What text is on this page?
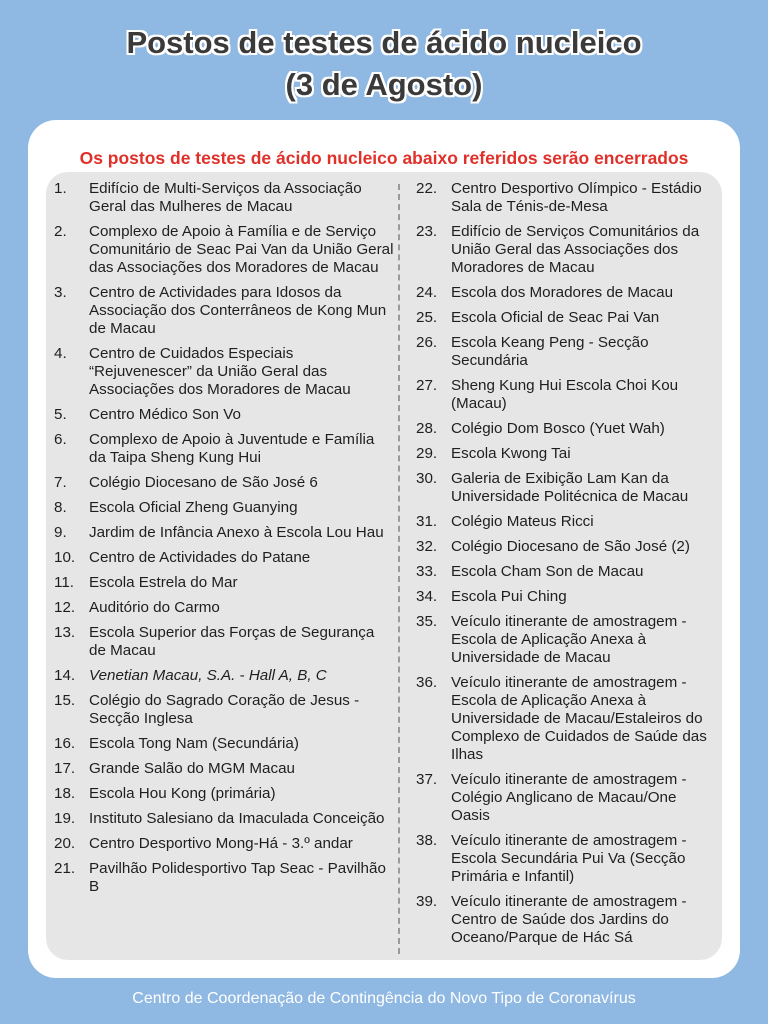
Postos de testes de ácido nucleico
(3 de Agosto)
Os postos de testes de ácido nucleico abaixo referidos serão encerrados
1.	Edifício de Multi-Serviços da Associação Geral das Mulheres de Macau
2.	Complexo de Apoio à Família e de Serviço Comunitário de Seac Pai Van da União Geral das Associações dos Moradores de Macau
3.	Centro de Actividades para Idosos da Associação dos Conterrâneos de Kong Mun de Macau
4.	Centro de Cuidados Especiais “Rejuvenescer” da União Geral das Associações dos Moradores de Macau
5.	Centro Médico Son Vo
6.	Complexo de Apoio à Juventude e Família da Taipa Sheng Kung Hui
7.	Colégio Diocesano de São José 6
8.	Escola Oficial Zheng Guanying
9.	Jardim de Infância Anexo à Escola Lou Hau
10. Centro de Actividades do Patane
11. Escola Estrela do Mar
12. Auditório do Carmo
13. Escola Superior das Forças de Segurança de Macau
14. Venetian Macau, S.A. - Hall A, B, C
15. Colégio do Sagrado Coração de Jesus - Secção Inglesa
16. Escola Tong Nam (Secundária)
17. Grande Salão do MGM Macau
18. Escola Hou Kong (primária)
19. Instituto Salesiano da Imaculada Conceição
20. Centro Desportivo Mong-Há - 3.º andar
21. Pavilhão Polidesportivo Tap Seac - Pavilhão B
22. Centro Desportivo Olímpico - Estádio Sala de Ténis-de-Mesa
23. Edifício de Serviços Comunitários da União Geral das Associações dos Moradores de Macau
24. Escola dos Moradores de Macau
25. Escola Oficial de Seac Pai Van
26. Escola Keang Peng - Secção Secundária
27. Sheng Kung Hui Escola Choi Kou (Macau)
28. Colégio Dom Bosco (Yuet Wah)
29. Escola Kwong Tai
30. Galeria de Exibição Lam Kan da Universidade Politécnica de Macau
31. Colégio Mateus Ricci
32. Colégio Diocesano de São José (2)
33. Escola Cham Son de Macau
34. Escola Pui Ching
35. Veículo itinerante de amostragem - Escola de Aplicação Anexa à Universidade de Macau
36. Veículo itinerante de amostragem - Escola de Aplicação Anexa à Universidade de Macau/Estaleiros do Complexo de Cuidados de Saúde das Ilhas
37. Veículo itinerante de amostragem - Colégio Anglicano de Macau/One Oasis
38. Veículo itinerante de amostragem - Escola Secundária Pui Va (Secção Primária e Infantil)
39. Veículo itinerante de amostragem - Centro de Saúde dos Jardins do Oceano/Parque de Hác Sá
Centro de Coordenação de Contingência do Novo Tipo de Coronavírus
